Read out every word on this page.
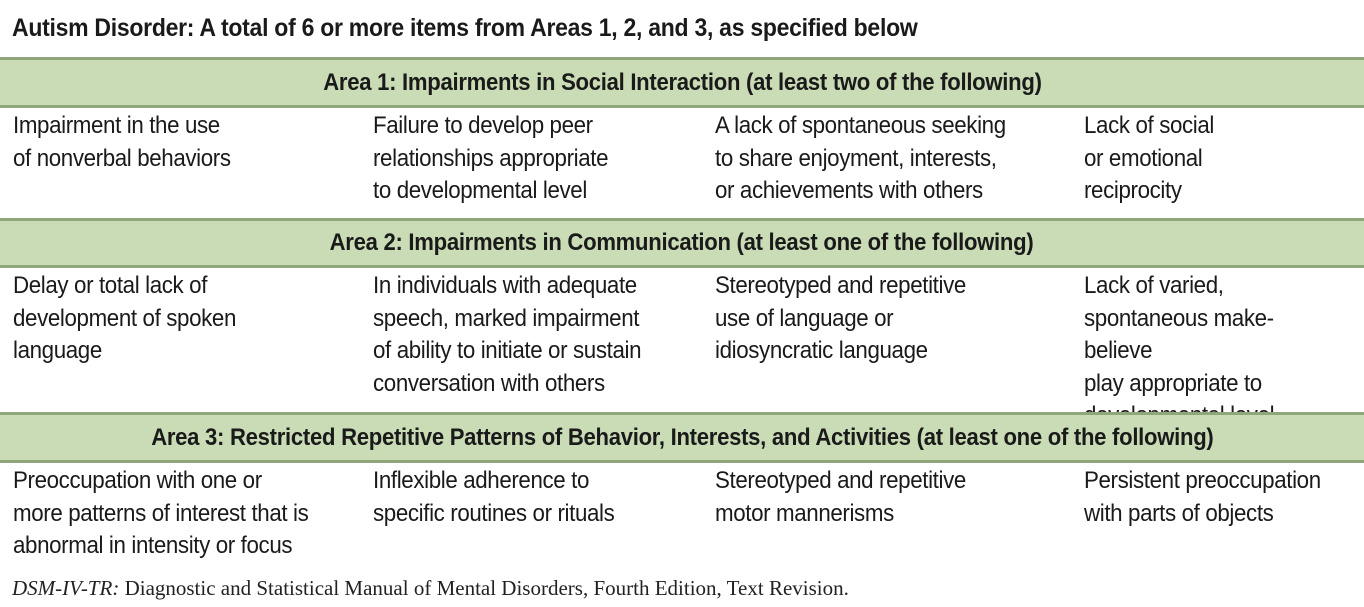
Autism Disorder: A total of 6 or more items from Areas 1, 2, and 3, as specified below
Area 1: Impairments in Social Interaction (at least two of the following)
Impairment in the use
of nonverbal behaviors
Failure to develop peer
relationships appropriate
to developmental level
A lack of spontaneous seeking
to share enjoyment, interests,
or achievements with others
Lack of social
or emotional
reciprocity
Area 2: Impairments in Communication (at least one of the following)
Delay or total lack of
development of spoken
language
In individuals with adequate
speech, marked impairment
of ability to initiate or sustain
conversation with others
Stereotyped and repetitive
use of language or
idiosyncratic language
Lack of varied,
spontaneous make-believe
play appropriate to

Area 3: Restricted Repetitive Patterns of Behavior, Interests, and Activities (at least one of the following)
Preoccupation with one or
more patterns of interest that is
abnormal in intensity or focus
Inflexible adherence to
specific routines or rituals
Stereotyped and repetitive
motor mannerisms
Persistent preoccupation
with parts of objects
DSM-IV-TR: Diagnostic and Statistical Manual of Mental Disorders, Fourth Edition, Text Revision.
